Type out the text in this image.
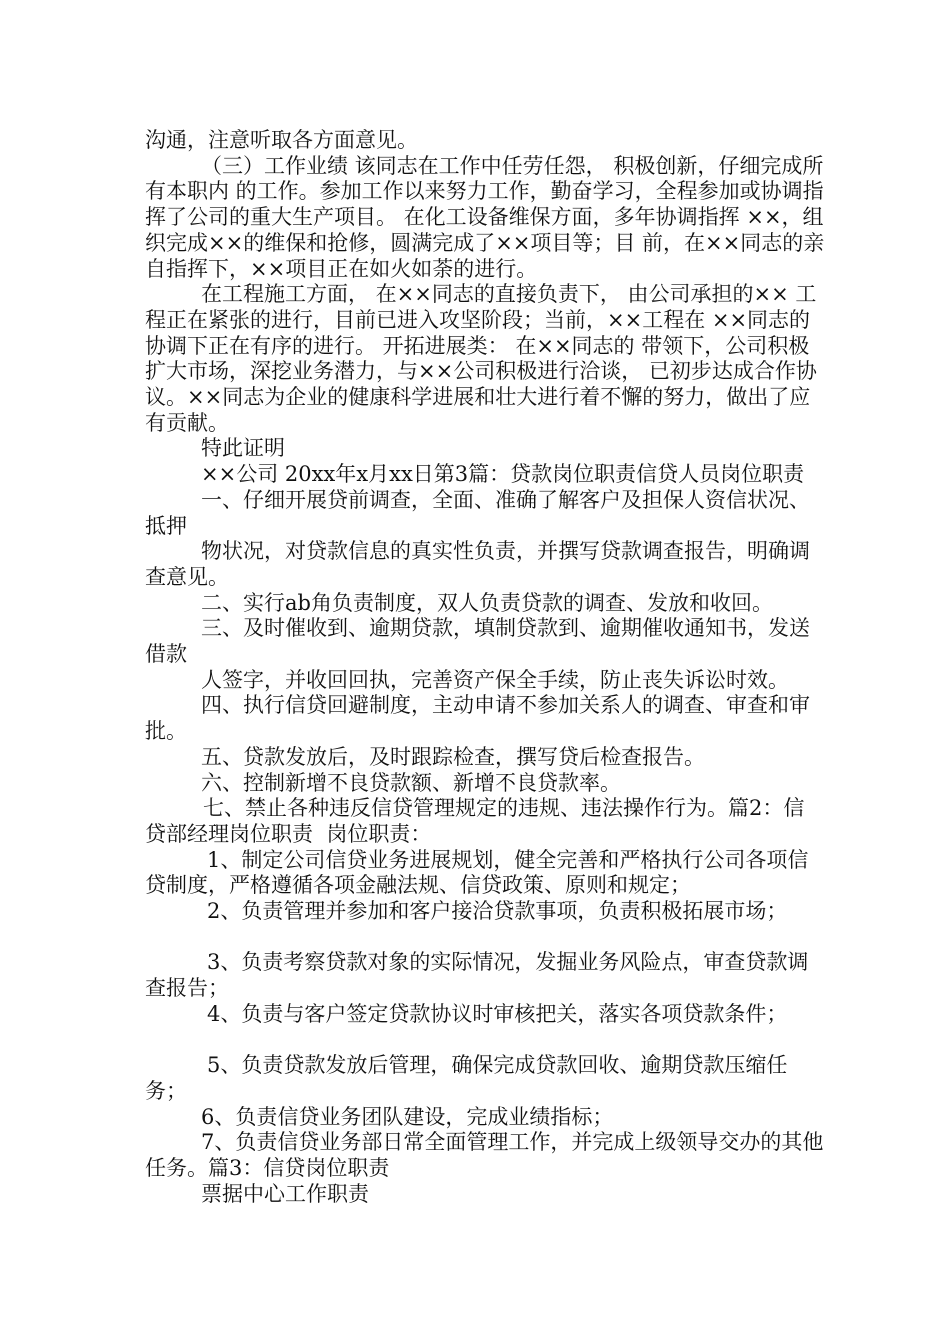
沟通，注意听取各方面意见。

（三）工作业绩 该同志在工作中任劳任怨， 积极创新，仔细完成所有本职内 的工作。参加工作以来努力工作，勤奋学习，全程参加或协调指 挥了公司的重大生产项目。 在化工设备维保方面，多年协调指挥 ××，组织完成××的维保和抢修，圆满完成了××项目等；目 前，在××同志的亲自指挥下，××项目正在如火如荼的进行。

在工程施工方面， 在××同志的直接负责下， 由公司承担的×× 工程正在紧张的进行，目前已进入攻坚阶段；当前，××工程在 ××同志的协调下正在有序的进行。 开拓进展类： 在××同志的 带领下，公司积极扩大市场，深挖业务潜力，与××公司积极进行洽谈， 已初步达成合作协议。××同志为企业的健康科学进展和壮大进行着不懈的努力，做出了应有贡献。

特此证明

××公司 20xx年x月xx日第3篇：贷款岗位职责信贷人员岗位职责

一、仔细开展贷前调查，全面、准确了解客户及担保人资信状况、抵押

物状况，对贷款信息的真实性负责，并撰写贷款调查报告，明确调查意见。

二、实行ab角负责制度，双人负责贷款的调查、发放和收回。

三、及时催收到、逾期贷款，填制贷款到、逾期催收通知书，发送借款

人签字，并收回回执，完善资产保全手续，防止丧失诉讼时效。

四、执行信贷回避制度，主动申请不参加关系人的调查、审查和审批。

五、贷款发放后，及时跟踪检查，撰写贷后检查报告。

六、控制新增不良贷款额、新增不良贷款率。

七、禁止各种违反信贷管理规定的违规、违法操作行为。篇2：信贷部经理岗位职责  岗位职责：

1、制定公司信贷业务进展规划，健全完善和严格执行公司各项信贷制度，严格遵循各项金融法规、信贷政策、原则和规定；

2、负责管理并参加和客户接洽贷款事项，负责积极拓展市场；

3、负责考察贷款对象的实际情况，发掘业务风险点，审查贷款调查报告；

4、负责与客户签定贷款协议时审核把关，落实各项贷款条件；

5、负责贷款发放后管理，确保完成贷款回收、逾期贷款压缩任务；

6、负责信贷业务团队建设，完成业绩指标；

7、负责信贷业务部日常全面管理工作，并完成上级领导交办的其他任务。篇3：信贷岗位职责

票据中心工作职责
